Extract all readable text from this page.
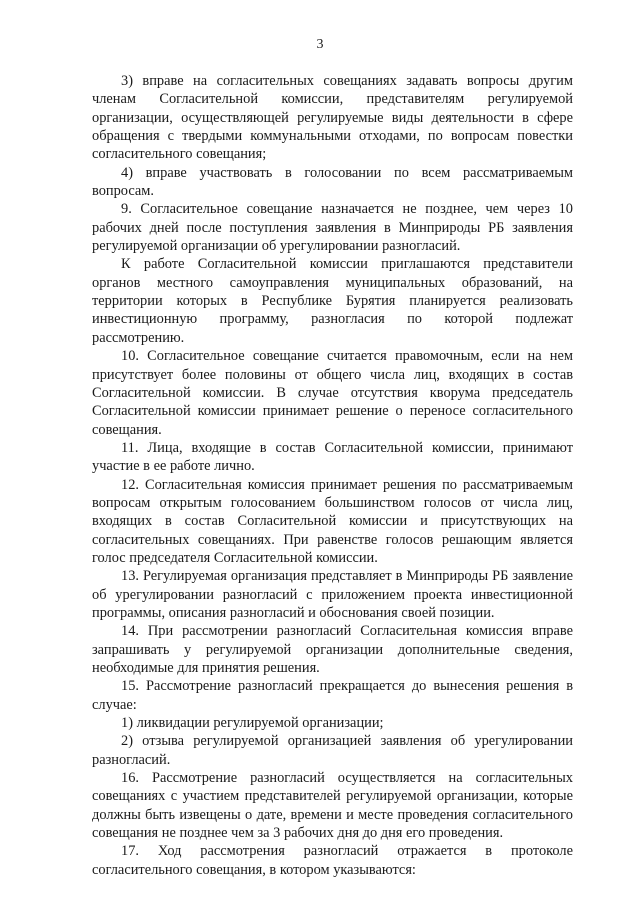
3

3) вправе на согласительных совещаниях задавать вопросы другим членам Согласительной комиссии, представителям регулируемой организации, осуществляющей регулируемые виды деятельности в сфере обращения с твердыми коммунальными отходами, по вопросам повестки согласительного совещания;

4) вправе участвовать в голосовании по всем рассматриваемым вопросам.

9. Согласительное совещание назначается не позднее, чем через 10 рабочих дней после поступления заявления в Минприроды РБ заявления регулируемой организации об урегулировании разногласий.

К работе Согласительной комиссии приглашаются представители органов местного самоуправления муниципальных образований, на территории которых в Республике Бурятия планируется реализовать инвестиционную программу, разногласия по которой подлежат рассмотрению.

10. Согласительное совещание считается правомочным, если на нем присутствует более половины от общего числа лиц, входящих в состав Согласительной комиссии. В случае отсутствия кворума председатель Согласительной комиссии принимает решение о переносе согласительного совещания.

11. Лица, входящие в состав Согласительной комиссии, принимают участие в ее работе лично.

12. Согласительная комиссия принимает решения по рассматриваемым вопросам открытым голосованием большинством голосов от числа лиц, входящих в состав Согласительной комиссии и присутствующих на согласительных совещаниях. При равенстве голосов решающим является голос председателя Согласительной комиссии.

13. Регулируемая организация представляет в Минприроды РБ заявление об урегулировании разногласий с приложением проекта инвестиционной программы, описания разногласий и обоснования своей позиции.

14. При рассмотрении разногласий Согласительная комиссия вправе запрашивать у регулируемой организации дополнительные сведения, необходимые для принятия решения.

15. Рассмотрение разногласий прекращается до вынесения решения в случае:

1) ликвидации регулируемой организации;

2) отзыва регулируемой организацией заявления об урегулировании разногласий.

16. Рассмотрение разногласий осуществляется на согласительных совещаниях с участием представителей регулируемой организации, которые должны быть извещены о дате, времени и месте проведения согласительного совещания не позднее чем за 3 рабочих дня до дня его проведения.

17. Ход рассмотрения разногласий отражается в протоколе согласительного совещания, в котором указываются:
